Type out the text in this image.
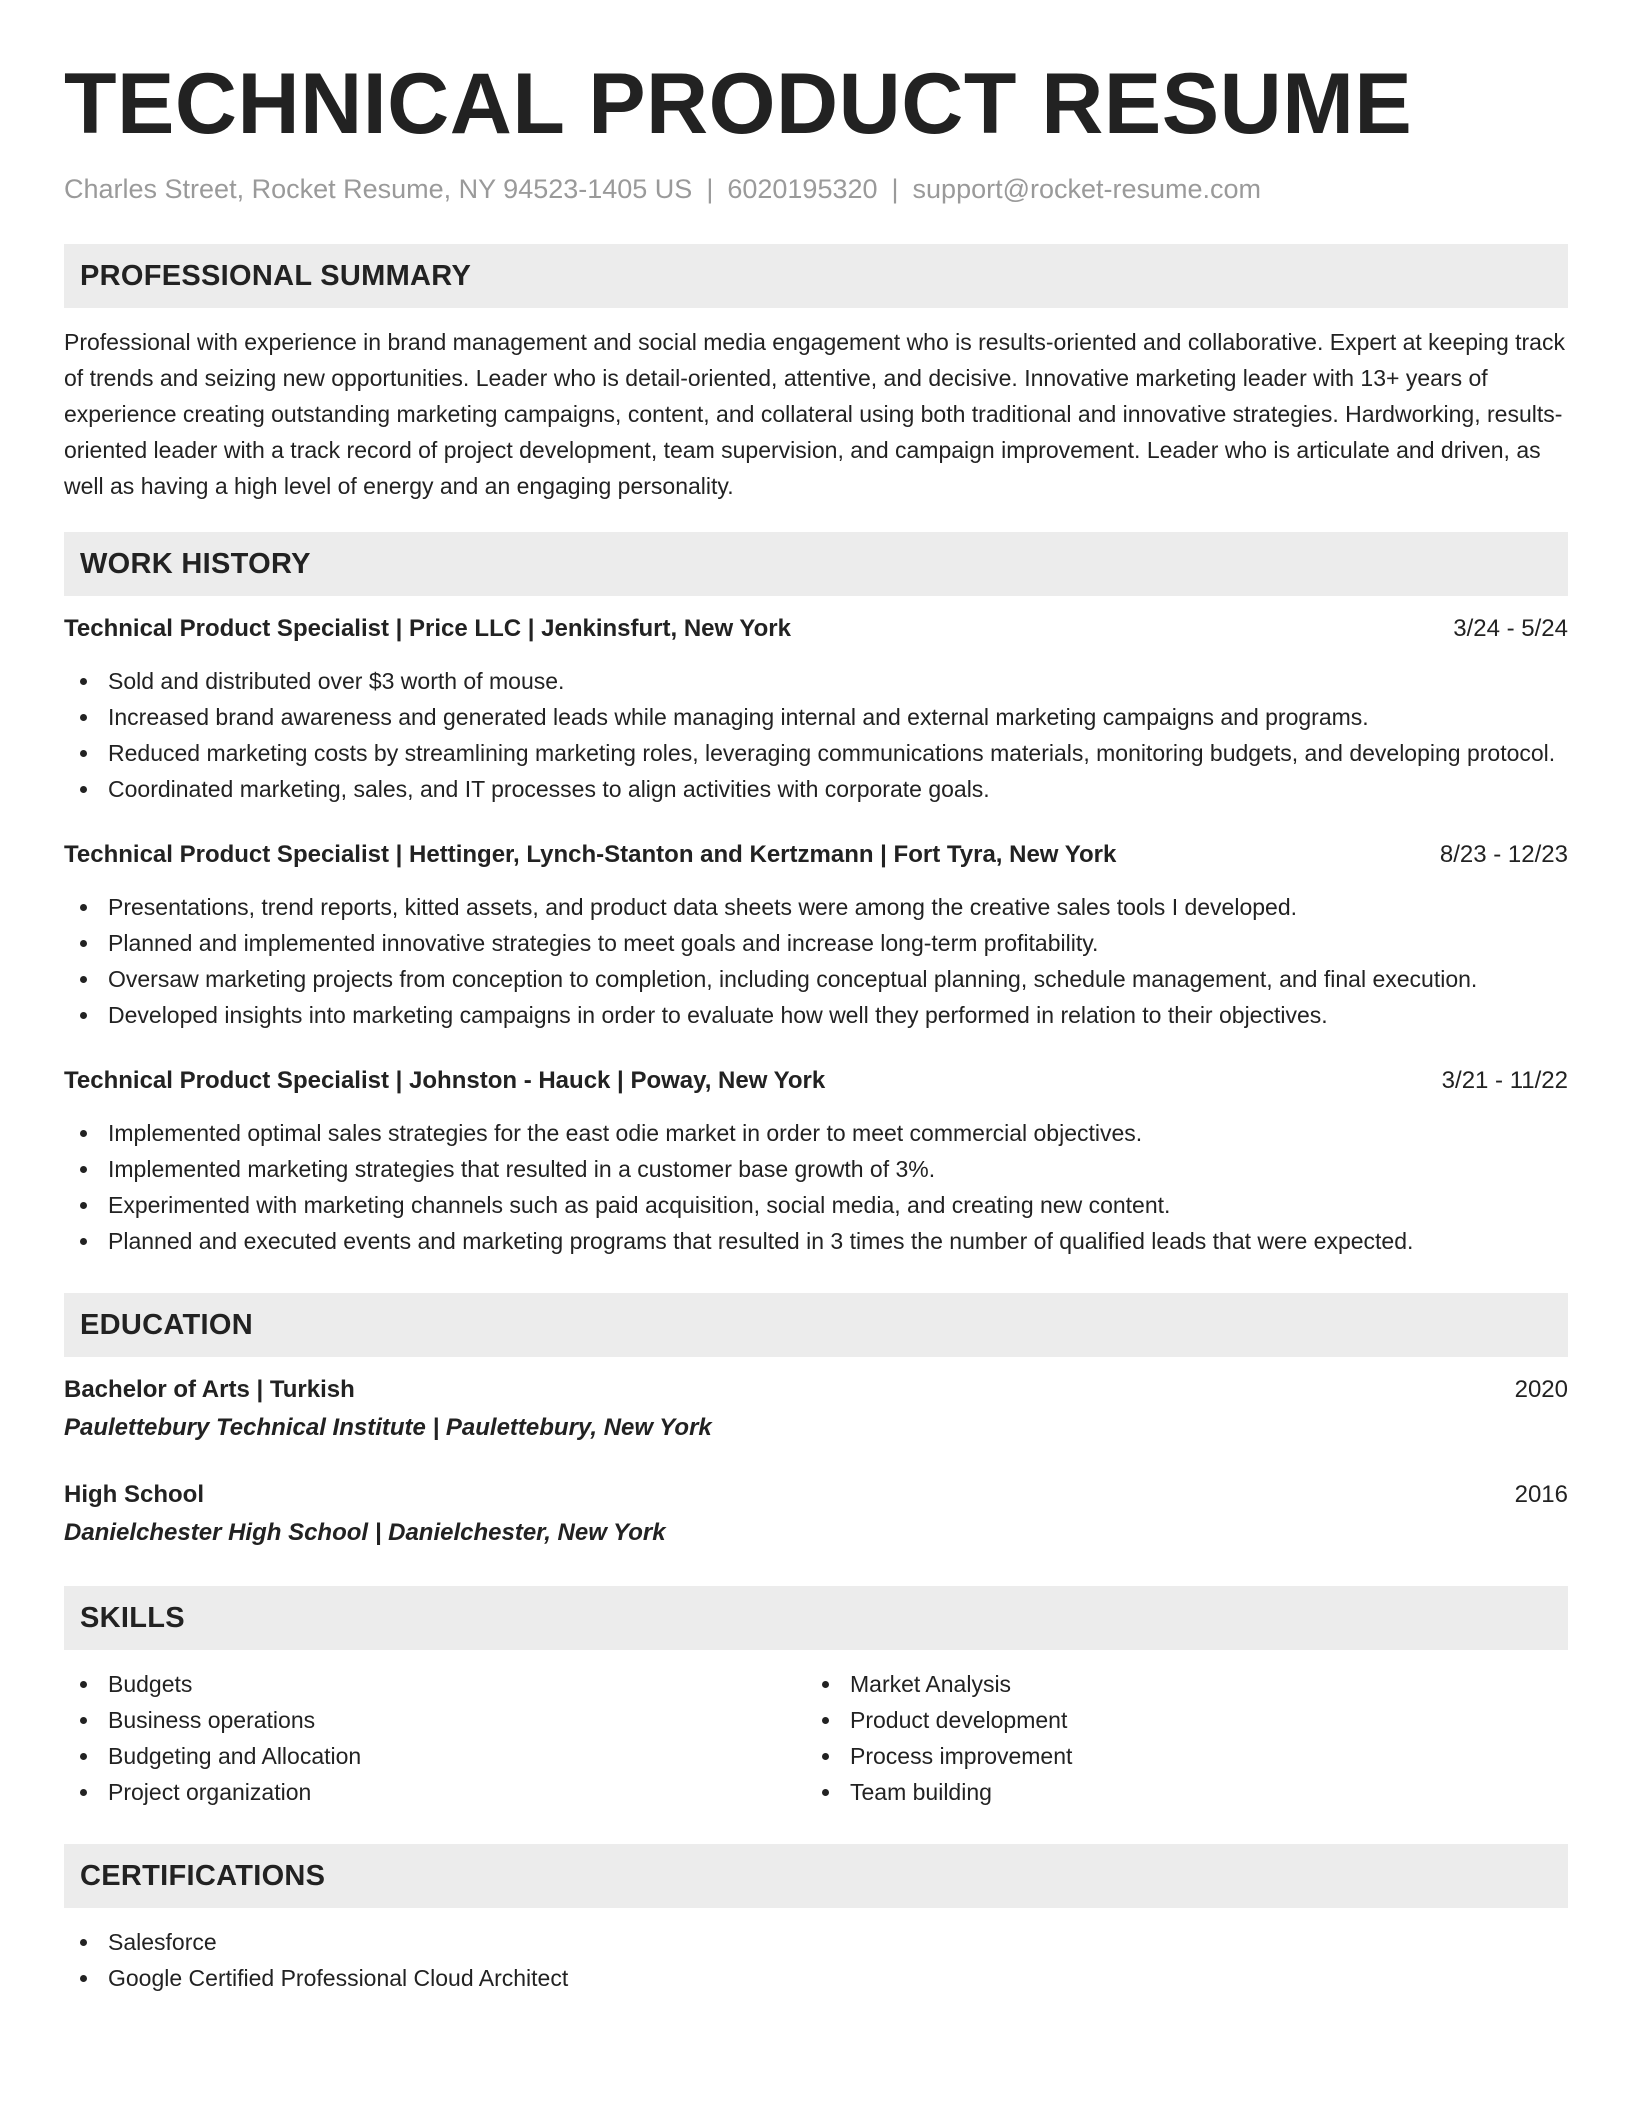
TECHNICAL PRODUCT RESUME
Charles Street, Rocket Resume, NY 94523-1405 US | 6020195320 | support@rocket-resume.com
PROFESSIONAL SUMMARY
Professional with experience in brand management and social media engagement who is results-oriented and collaborative. Expert at keeping track of trends and seizing new opportunities. Leader who is detail-oriented, attentive, and decisive. Innovative marketing leader with 13+ years of experience creating outstanding marketing campaigns, content, and collateral using both traditional and innovative strategies. Hardworking, results-oriented leader with a track record of project development, team supervision, and campaign improvement. Leader who is articulate and driven, as well as having a high level of energy and an engaging personality.
WORK HISTORY
Technical Product Specialist | Price LLC | Jenkinsfurt, New York	3/24 - 5/24
Sold and distributed over $3 worth of mouse.
Increased brand awareness and generated leads while managing internal and external marketing campaigns and programs.
Reduced marketing costs by streamlining marketing roles, leveraging communications materials, monitoring budgets, and developing protocol.
Coordinated marketing, sales, and IT processes to align activities with corporate goals.
Technical Product Specialist | Hettinger, Lynch-Stanton and Kertzmann | Fort Tyra, New York	8/23 - 12/23
Presentations, trend reports, kitted assets, and product data sheets were among the creative sales tools I developed.
Planned and implemented innovative strategies to meet goals and increase long-term profitability.
Oversaw marketing projects from conception to completion, including conceptual planning, schedule management, and final execution.
Developed insights into marketing campaigns in order to evaluate how well they performed in relation to their objectives.
Technical Product Specialist | Johnston - Hauck | Poway, New York	3/21 - 11/22
Implemented optimal sales strategies for the east odie market in order to meet commercial objectives.
Implemented marketing strategies that resulted in a customer base growth of 3%.
Experimented with marketing channels such as paid acquisition, social media, and creating new content.
Planned and executed events and marketing programs that resulted in 3 times the number of qualified leads that were expected.
EDUCATION
Bachelor of Arts | Turkish	2020
Paulettebury Technical Institute | Paulettebury, New York
High School	2016
Danielchester High School | Danielchester, New York
SKILLS
Budgets
Business operations
Budgeting and Allocation
Project organization
Market Analysis
Product development
Process improvement
Team building
CERTIFICATIONS
Salesforce
Google Certified Professional Cloud Architect
